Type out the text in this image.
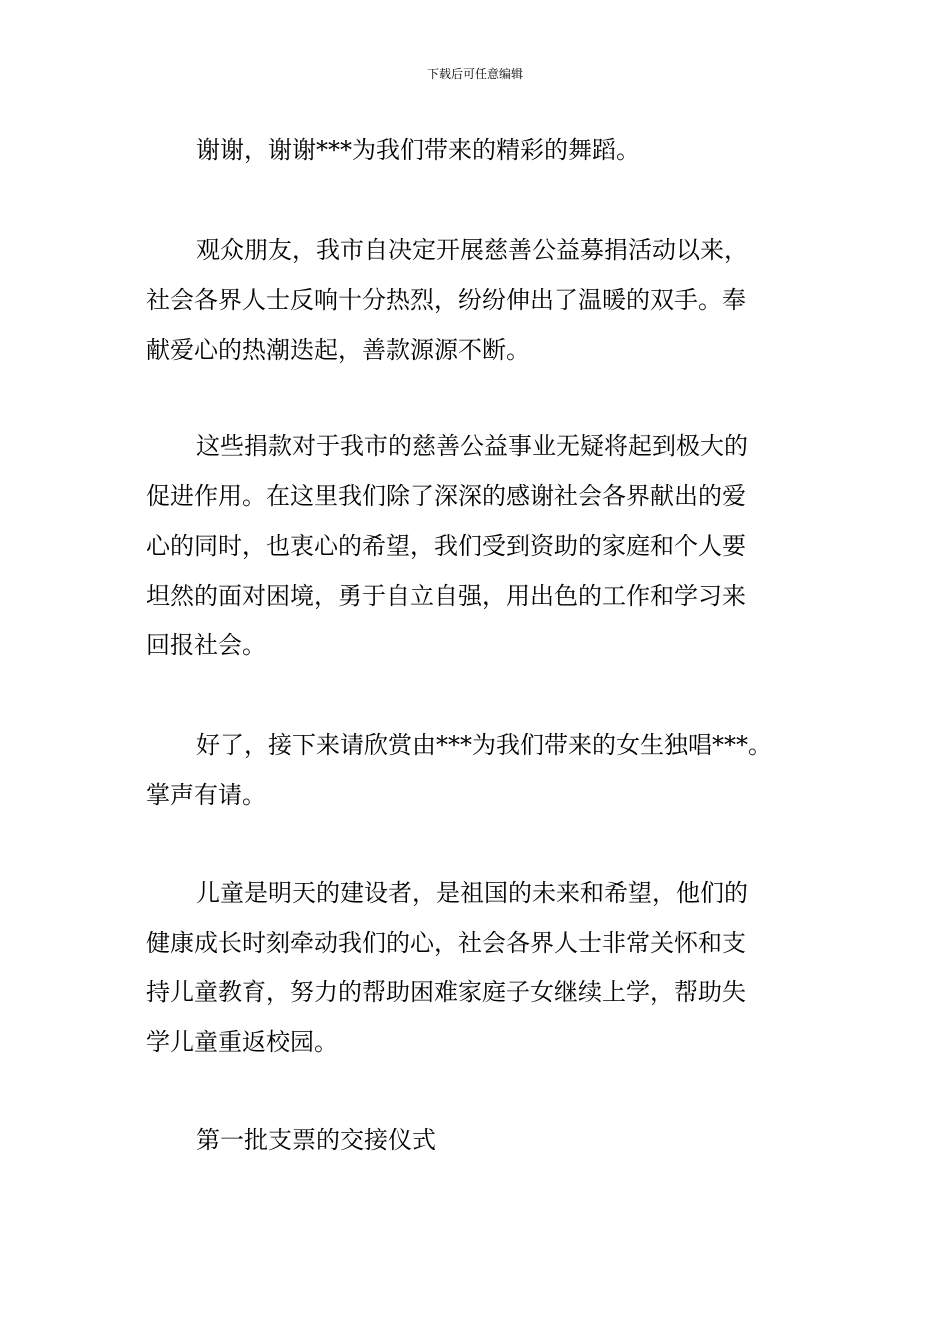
下载后可任意编辑
谢谢，谢谢***为我们带来的精彩的舞蹈。
观众朋友，我市自决定开展慈善公益募捐活动以来，
社会各界人士反响十分热烈，纷纷伸出了温暖的双手。奉
献爱心的热潮迭起，善款源源不断。
这些捐款对于我市的慈善公益事业无疑将起到极大的
促进作用。在这里我们除了深深的感谢社会各界献出的爱
心的同时，也衷心的希望，我们受到资助的家庭和个人要
坦然的面对困境，勇于自立自强，用出色的工作和学习来
回报社会。
好了，接下来请欣赏由***为我们带来的女生独唱***。
掌声有请。
儿童是明天的建设者，是祖国的未来和希望，他们的
健康成长时刻牵动我们的心，社会各界人士非常关怀和支
持儿童教育，努力的帮助困难家庭子女继续上学，帮助失
学儿童重返校园。
第一批支票的交接仪式
